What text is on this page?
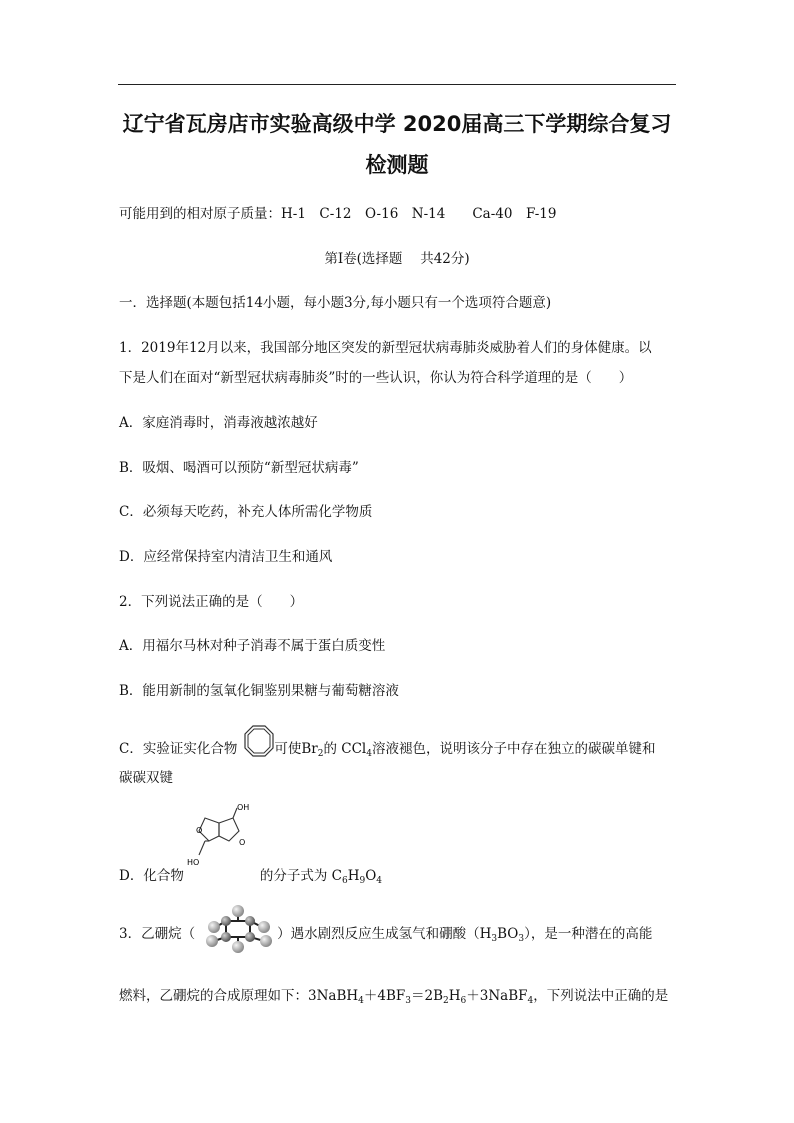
辽宁省瓦房店市实验高级中学 2020届高三下学期综合复习
检测题
可能用到的相对原子质量：H-1　C-12　O-16　N-14　　Ca-40　F-19
第Ⅰ卷(选择题　 共42分)
一．选择题(本题包括14小题，每小题3分,每小题只有一个选项符合题意)
1．2019年12月以来，我国部分地区突发的新型冠状病毒肺炎威胁着人们的身体健康。以
下是人们在面对“新型冠状病毒肺炎”时的一些认识，你认为符合科学道理的是（　　）
A．家庭消毒时，消毒液越浓越好
B．吸烟、喝酒可以预防“新型冠状病毒”
C．必须每天吃药，补充人体所需化学物质
D．应经常保持室内清洁卫生和通风
2．下列说法正确的是（　　）
A．用福尔马林对种子消毒不属于蛋白质变性
B．能用新制的氢氧化铜鉴别果糖与葡萄糖溶液
C．实验证实化合物	可使$Br_2$的 CCl$_4$溶液褪色，说明该分子中存在独立的碳碳单键和
碳碳双键
OH
HO
O
O
D．化合物	的分子式为 $C_6H_9O_4$
3．乙硼烷（	）遇水剧烈反应生成氢气和硼酸$(H_3BO_3)$，是一种潜在的高能
燃料，乙硼烷的合成原理如下：$3NaBH_4+4BF_3=2B_2H_6+3NaBF_4$，下列说法中正确的是
